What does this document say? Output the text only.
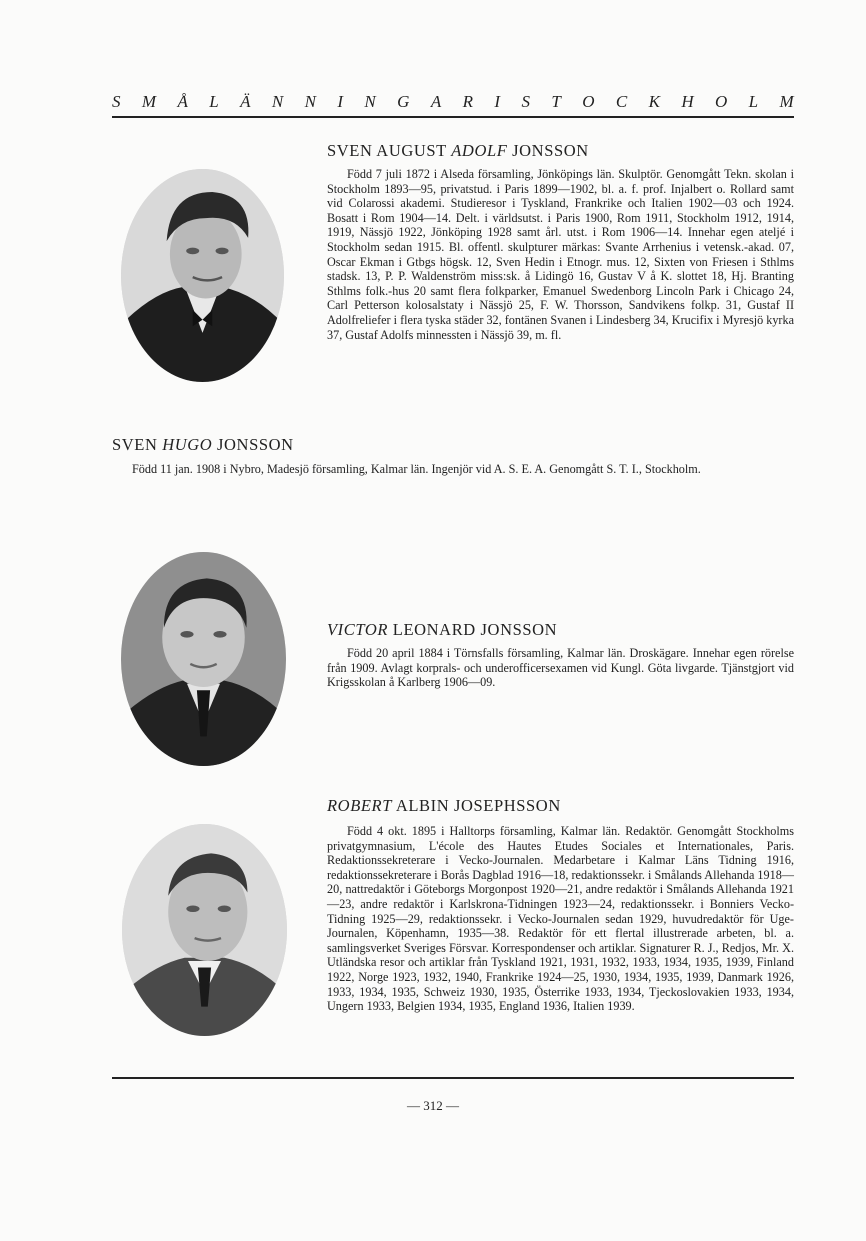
S M Å L Ä N N I N G A R I S T O C K H O L M
SVEN AUGUST ADOLF JONSSON
Född 7 juli 1872 i Alseda församling, Jönköpings län. Skulptör. Genomgått Tekn. skolan i Stockholm 1893—95, privatstud. i Paris 1899—1902, bl. a. f. prof. Injalbert o. Rollard samt vid Colarossi akademi. Studieresor i Tyskland, Frankrike och Italien 1902—03 och 1924. Bosatt i Rom 1904—14. Delt. i världsutst. i Paris 1900, Rom 1911, Stockholm 1912, 1914, 1919, Nässjö 1922, Jönköping 1928 samt årl. utst. i Rom 1906—14. Innehar egen ateljé i Stockholm sedan 1915. Bl. offentl. skulpturer märkas: Svante Arrhenius i vetensk.-akad. 07, Oscar Ekman i Gtbgs högsk. 12, Sven Hedin i Etnogr. mus. 12, Sixten von Friesen i Sthlms stadsk. 13, P. P. Waldenström miss:sk. å Lidingö 16, Gustav V å K. slottet 18, Hj. Branting Sthlms folk.-hus 20 samt flera folkparker, Emanuel Swedenborg Lincoln Park i Chicago 24, Carl Petterson kolosalstaty i Nässjö 25, F. W. Thorsson, Sandvikens folkp. 31, Gustaf II Adolfreliefer i flera tyska städer 32, fontänen Svanen i Lindesberg 34, Krucifix i Myresjö kyrka 37, Gustaf Adolfs minnessten i Nässjö 39, m. fl.
SVEN HUGO JONSSON
Född 11 jan. 1908 i Nybro, Madesjö församling, Kalmar län. Ingenjör vid A. S. E. A. Genomgått S. T. I., Stockholm.
VICTOR LEONARD JONSSON
Född 20 april 1884 i Törnsfalls församling, Kalmar län. Droskägare. Innehar egen rörelse från 1909. Avlagt korprals- och underofficersexamen vid Kungl. Göta livgarde. Tjänstgjort vid Krigsskolan å Karlberg 1906—09.
ROBERT ALBIN JOSEPHSSON
Född 4 okt. 1895 i Halltorps församling, Kalmar län. Redaktör. Genomgått Stockholms privatgymnasium, L'école des Hautes Etudes Sociales et Internationales, Paris. Redaktionssekreterare i Vecko-Journalen. Medarbetare i Kalmar Läns Tidning 1916, redaktionssekreterare i Borås Dagblad 1916—18, redaktionssekr. i Smålands Allehanda 1918—20, nattredaktör i Göteborgs Morgonpost 1920—21, andre redaktör i Smålands Allehanda 1921—23, andre redaktör i Karlskrona-Tidningen 1923—24, redaktionssekr. i Bonniers Vecko-Tidning 1925—29, redaktionssekr. i Vecko-Journalen sedan 1929, huvudredaktör för Uge-Journalen, Köpenhamn, 1935—38. Redaktör för ett flertal illustrerade arbeten, bl. a. samlingsverket Sveriges Försvar. Korrespondenser och artiklar. Signaturer R. J., Redjos, Mr. X. Utländska resor och artiklar från Tyskland 1921, 1931, 1932, 1933, 1934, 1935, 1939, Finland 1922, Norge 1923, 1932, 1940, Frankrike 1924—25, 1930, 1934, 1935, 1939, Danmark 1926, 1933, 1934, 1935, Schweiz 1930, 1935, Österrike 1933, 1934, Tjeckoslovakien 1933, 1934, Ungern 1933, Belgien 1934, 1935, England 1936, Italien 1939.
— 312 —
